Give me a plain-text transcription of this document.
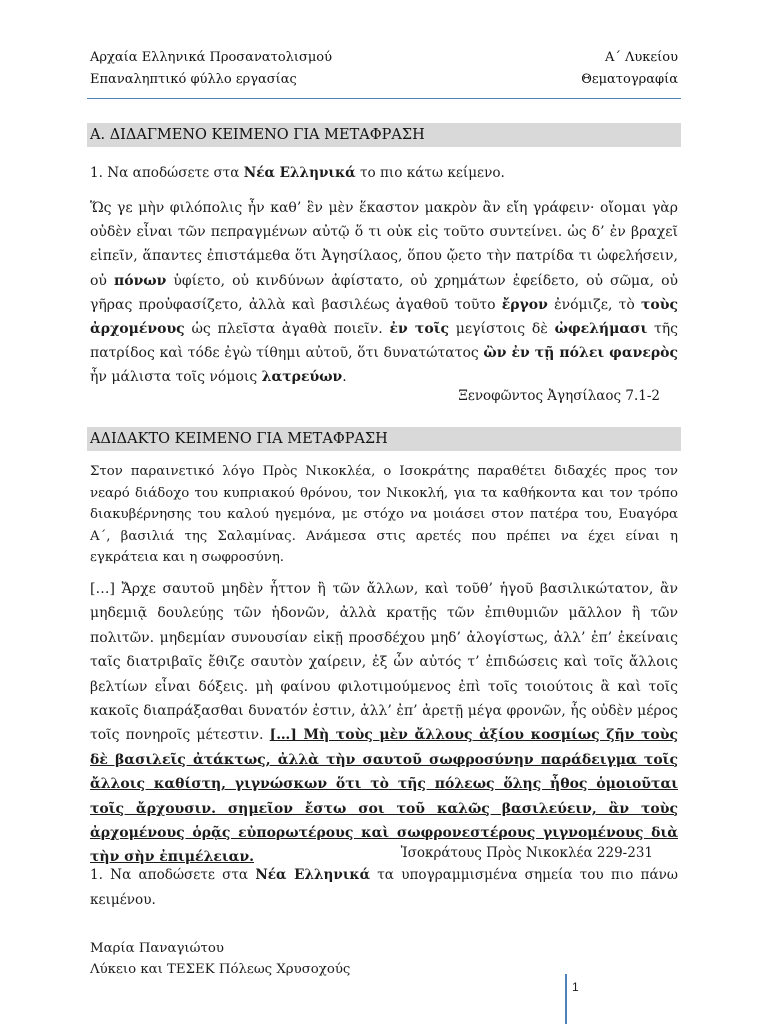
Αρχαία Ελληνικά Προσανατολισμού
Επαναληπτικό φύλλο εργασίας
Α΄ Λυκείου
Θεματογραφία
Α. ΔΙΔΑΓΜΕΝΟ ΚΕΙΜΕΝΟ ΓΙΑ ΜΕΤΑΦΡΑΣΗ
1. Να αποδώσετε στα Νέα Ελληνικά το πιο κάτω κείμενο.
Ὥς γε μὴν φιλόπολις ἦν καθ’ ἓν μὲν ἕκαστον μακρὸν ἂν εἴη γράφειν· οἴομαι γὰρ οὐδὲν εἶναι τῶν πεπραγμένων αὐτῷ ὅ τι οὐκ εἰς τοῦτο συντείνει. ὡς δ’ ἐν βραχεῖ εἰπεῖν, ἅπαντες ἐπιστάμεθα ὅτι Ἀγησίλαος, ὅπου ᾤετο τὴν πατρίδα τι ὠφελήσειν, οὐ πόνων ὑφίετο, οὐ κινδύνων ἀφίστατο, οὐ χρημάτων ἐφείδετο, οὐ σῶμα, οὐ γῆρας προὐφασίζετο, ἀλλὰ καὶ βασιλέως ἀγαθοῦ τοῦτο ἔργον ἐνόμιζε, τὸ τοὺς ἀρχομένους ὡς πλεῖστα ἀγαθὰ ποιεῖν. ἐν τοῖς μεγίστοις δὲ ὠφελήμασι τῆς πατρίδος καὶ τόδε ἐγὼ τίθημι αὐτοῦ, ὅτι δυνατώτατος ὢν ἐν τῇ πόλει φανερὸς ἦν μάλιστα τοῖς νόμοις λατρεύων.
Ξενοφῶντος Ἀγησίλαος 7.1-2
ΑΔΙΔΑΚΤΟ ΚΕΙΜΕΝΟ ΓΙΑ ΜΕΤΑΦΡΑΣΗ
Στον παραινετικό λόγο Πρὸς Νικοκλέα, ο Ισοκράτης παραθέτει διδαχές προς τον νεαρό διάδοχο του κυπριακού θρόνου, τον Νικοκλή, για τα καθήκοντα και τον τρόπο διακυβέρνησης του καλού ηγεμόνα, με στόχο να μοιάσει στον πατέρα του, Ευαγόρα Α΄, βασιλιά της Σαλαμίνας. Ανάμεσα στις αρετές που πρέπει να έχει είναι η εγκράτεια και η σωφροσύνη.
[…] Ἄρχε σαυτοῦ μηδὲν ἧττον ἢ τῶν ἄλλων, καὶ τοῦθ’ ἡγοῦ βασιλικώτατον, ἂν μηδεμιᾷ δουλεύῃς τῶν ἡδονῶν, ἀλλὰ κρατῇς τῶν ἐπιθυμιῶν μᾶλλον ἢ τῶν πολιτῶν. μηδεμίαν συνουσίαν εἰκῇ προσδέχου μηδ’ ἀλογίστως, ἀλλ’ ἐπ’ ἐκείναις ταῖς διατριβαῖς ἔθιζε σαυτὸν χαίρειν, ἐξ ὧν αὐτός τ’ ἐπιδώσεις καὶ τοῖς ἄλλοις βελτίων εἶναι δόξεις. μὴ φαίνου φιλοτιμούμενος ἐπὶ τοῖς τοιούτοις ἃ καὶ τοῖς κακοῖς διαπράξασθαι δυνατόν ἐστιν, ἀλλ’ ἐπ’ ἀρετῇ μέγα φρονῶν, ἧς οὐδὲν μέρος τοῖς πονηροῖς μέτεστιν. […] Μὴ τοὺς μὲν ἄλλους ἀξίου κοσμίως ζῆν τοὺς δὲ βασιλεῖς ἀτάκτως, ἀλλὰ τὴν σαυτοῦ σωφροσύνην παράδειγμα τοῖς ἄλλοις καθίστη, γιγνώσκων ὅτι τὸ τῆς πόλεως ὅλης ἦθος ὁμοιοῦται τοῖς ἄρχουσιν. σημεῖον ἔστω σοι τοῦ καλῶς βασιλεύειν, ἂν τοὺς ἀρχομένους ὁρᾷς εὐπορωτέρους καὶ σωφρονεστέρους γιγνομένους διὰ τὴν σὴν ἐπιμέλειαν.	Ἰσοκράτους Πρὸς Νικοκλέα 229-231
1. Να αποδώσετε στα Νέα Ελληνικά τα υπογραμμισμένα σημεία του πιο πάνω κειμένου.
Μαρία Παναγιώτου
Λύκειο και ΤΕΣΕΚ Πόλεως Χρυσοχούς
1
